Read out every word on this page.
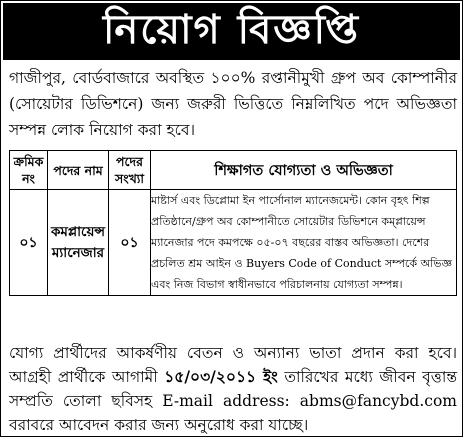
নিয়োগ বিজ্ঞপ্তি
গাজীপুর, বোর্ডবাজারে অবস্থিত ১০০% রপ্তানীমুখী গ্রুপ অব কোম্পানীর (সোয়েটার ডিভিশনে) জন্য জরুরী ভিত্তিতে নিম্নলিখিত পদে অভিজ্ঞতা সম্পন্ন লোক নিয়োগ করা হবে।
ক্রমিক নং	পদের নাম	পদের সংখ্যা	শিক্ষাগত যোগ্যতা ও অভিজ্ঞতা
০১	কমপ্লায়েন্স ম্যানেজার	০১	মাষ্টার্স এবং ডিপ্লোমা ইন পার্সোনাল ম্যানেজমেন্ট। কোন বৃহৎ শিল্প প্রতিষ্ঠানে/গ্রুপ অব কোম্পানীতে সোয়েটার ডিভিশনে কম্প্লায়েন্স ম্যানেজার পদে কমপক্ষে ০৫-০৭ বছরের বাস্তব অভিজ্ঞতা। দেশের প্রচলিত শ্রম আইন ও Buyers Code of Conduct সম্পর্কে অভিজ্ঞ এবং নিজ বিভাগ স্বাধীনভাবে পরিচালনায় যোগ্যতা সম্পন্ন।
যোগ্য প্রার্থীদের আকর্ষণীয় বেতন ও অন্যান্য ভাতা প্রদান করা হবে। আগ্রহী প্রার্থীকে আগামী ১৫/০৩/২০১১ ইং তারিখের মধ্যে জীবন বৃত্তান্ত সম্প্রতি তোলা ছবিসহ E-mail address: abms@fancybd.com বরাবরে আবেদন করার জন্য অনুরোধ করা যাচ্ছে।
